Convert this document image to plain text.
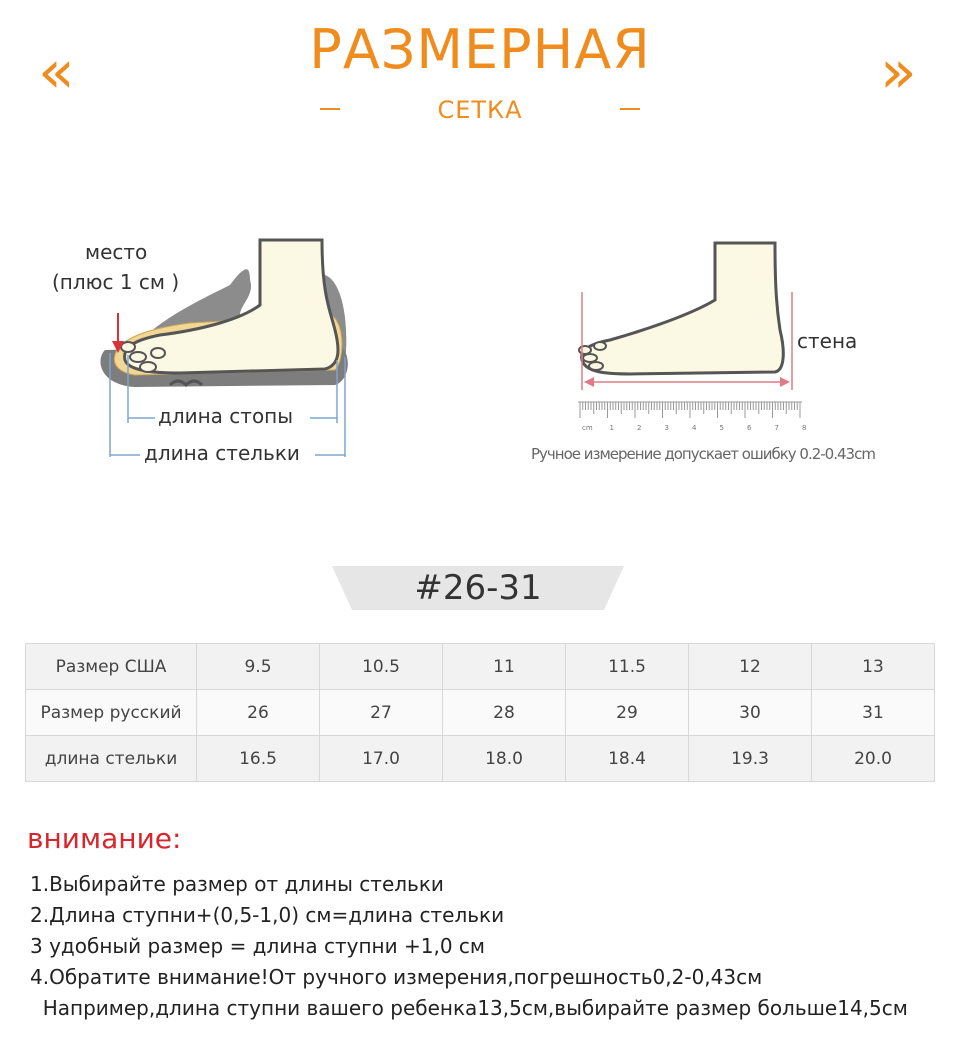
«	»
РАЗМЕРНАЯ
СЕТКА
место
(плюс 1 см )
длина стопы
длина стельки
cm 1	2	3	4	5	6	7	8
стена
Ручное измерение допускает ошибку 0.2-0.43cm
#26-31
Размер США	9.5	10.5	11	11.5	12	13
Размер русский	26	27	28	29	30	31
длина стельки	16.5	17.0	18.0	18.4	19.3	20.0
внимание:
1.Выбирайте размер от длины стельки
2.Длина ступни+(0,5-1,0) см=длина стельки
3 удобный размер = длина ступни +1,0 см
4.Обратите внимание!От ручного измерения,погрешность0,2-0,43см
Например,длина ступни вашего ребенка13,5см,выбирайте размер больше14,5см
